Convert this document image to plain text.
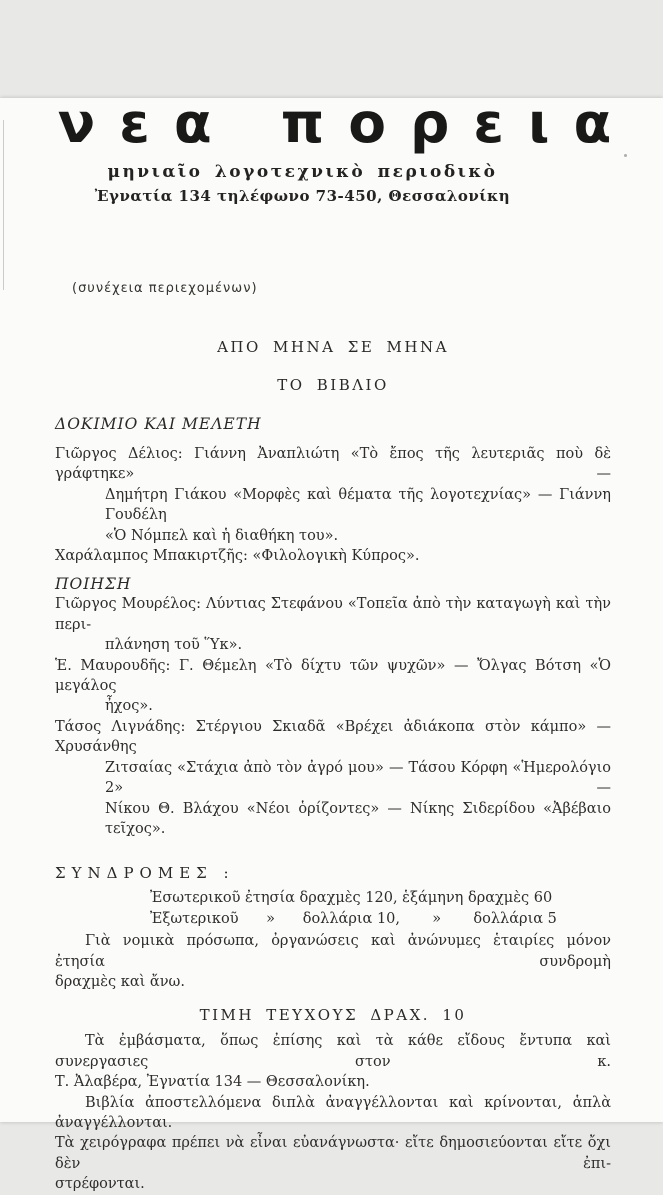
νεα πορεια
μηνιαῖο λογοτεχνικὸ περιοδικὸ
Ἐγνατία 134 τηλέφωνο 73-450, Θεσσαλονίκη
(συνέχεια περιεχομένων)
ΑΠΟ ΜΗΝΑ ΣΕ ΜΗΝΑ
ΤΟ ΒΙΒΛΙΟ
ΔΟΚΙΜΙΟ ΚΑΙ ΜΕΛΕΤΗ
Γιῶργος Δέλιος: Γιάννη Ἀναπλιώτη «Τὸ ἔπος τῆς λευτεριᾶς ποὺ δὲ γράφτηκε» —
Δημήτρη Γιάκου «Μορφὲς καὶ θέματα τῆς λογοτεχνίας» — Γιάννη Γουδέλη
«Ὁ Νόμπελ καὶ ἡ διαθήκη του».
Χαράλαμπος Μπακιρτζῆς: «Φιλολογικὴ Κύπρος».
ΠΟΙΗΣΗ
Γιῶργος Μουρέλος: Λύντιας Στεφάνου «Τοπεῖα ἀπὸ τὴν καταγωγὴ καὶ τὴν περι-
πλάνηση τοῦ Ὕκ».
Ἑ. Μαυρουδῆς: Γ. Θέμελη «Τὸ δίχτυ τῶν ψυχῶν» — Ὄλγας Βότση «Ὁ μεγάλος
ἦχος».
Τάσος Λιγνάδης: Στέργιου Σκιαδᾶ «Βρέχει ἀδιάκοπα στὸν κάμπο» — Χρυσάνθης
Ζιτσαίας «Στάχια ἀπὸ τὸν ἀγρό μου» — Τάσου Κόρφη «Ἡμερολόγιο 2» —
Νίκου Θ. Βλάχου «Νέοι ὁρίζοντες» — Νίκης Σιδερίδου «Ἀβέβαιο τεῖχος».
ΣΥΝΔΡΟΜΕΣ :
Ἐσωτερικοῦ ἐτησία δραχμὲς 120, ἑξάμηνη δραχμὲς 60
Ἐξωτερικοῦ      »      δολλάρια 10,       »       δολλάρια 5
Γιὰ νομικὰ πρόσωπα, ὀργανώσεις καὶ ἀνώνυμες ἑταιρίες μόνον ἐτησία συνδρομὴ
δραχμὲς καὶ ἄνω.
ΤΙΜΗ ΤΕΥΧΟΥΣ ΔΡΑΧ. 10
Τὰ ἐμβάσματα, ὅπως ἐπίσης καὶ τὰ κάθε εἴδους ἔντυπα καὶ συνεργασιες στον κ.
Τ. Ἀλαβέρα, Ἐγνατία 134 — Θεσσαλονίκη.
Βιβλία ἀποστελλόμενα διπλὰ ἀναγγέλλονται καὶ κρίνονται, ἁπλὰ ἀναγγέλλονται.
Τὰ χειρόγραφα πρέπει νὰ εἶναι εὐανάγνωστα· εἴτε δημοσιεύονται εἴτε ὄχι δὲν ἐπι-
στρέφονται.
